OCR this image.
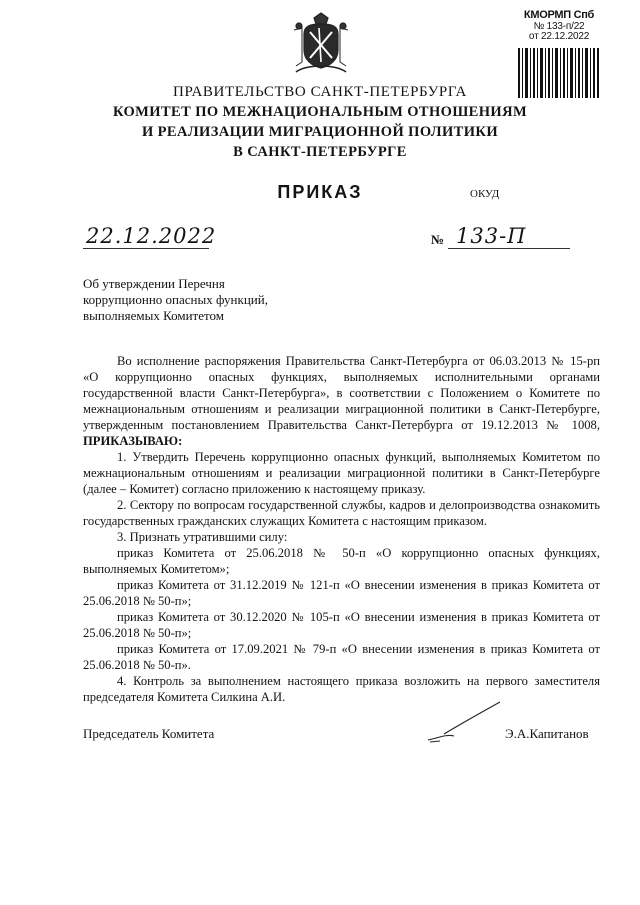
КМОРМП Спб
№ 133-п/22
от 22.12.2022
ПРАВИТЕЛЬСТВО САНКТ-ПЕТЕРБУРГА
КОМИТЕТ ПО МЕЖНАЦИОНАЛЬНЫМ ОТНОШЕНИЯМ
И РЕАЛИЗАЦИИ МИГРАЦИОННОЙ ПОЛИТИКИ
В САНКТ-ПЕТЕРБУРГЕ
ПРИКАЗ	ОКУД
22.12.2022	№ 133-П
Об утверждении Перечня
коррупционно опасных функций,
выполняемых Комитетом

Во исполнение распоряжения Правительства Санкт-Петербурга от 06.03.2013 № 15-рп «О коррупционно опасных функциях, выполняемых исполнительными органами государственной власти Санкт-Петербурга», в соответствии с Положением о Комитете по межнациональным отношениям и реализации миграционной политики в Санкт-Петербурге, утвержденным постановлением Правительства Санкт-Петербурга от 19.12.2013 № 1008, ПРИКАЗЫВАЮ:

1. Утвердить Перечень коррупционно опасных функций, выполняемых Комитетом по межнациональным отношениям и реализации миграционной политики в Санкт-Петербурге (далее – Комитет) согласно приложению к настоящему приказу.

2. Сектору по вопросам государственной службы, кадров и делопроизводства ознакомить государственных гражданских служащих Комитета с настоящим приказом.

3. Признать утратившими силу:

приказ Комитета от 25.06.2018 № 50-п «О коррупционно опасных функциях, выполняемых Комитетом»;

приказ Комитета от 31.12.2019 № 121-п «О внесении изменения в приказ Комитета от 25.06.2018 № 50-п»;

приказ Комитета от 30.12.2020 № 105-п «О внесении изменения в приказ Комитета от 25.06.2018 № 50-п»;

приказ Комитета от 17.09.2021 № 79-п «О внесении изменения в приказ Комитета от 25.06.2018 № 50-п».

4. Контроль за выполнением настоящего приказа возложить на первого заместителя председателя Комитета Силкина А.И.

Председатель Комитета	Э.А.Капитанов
